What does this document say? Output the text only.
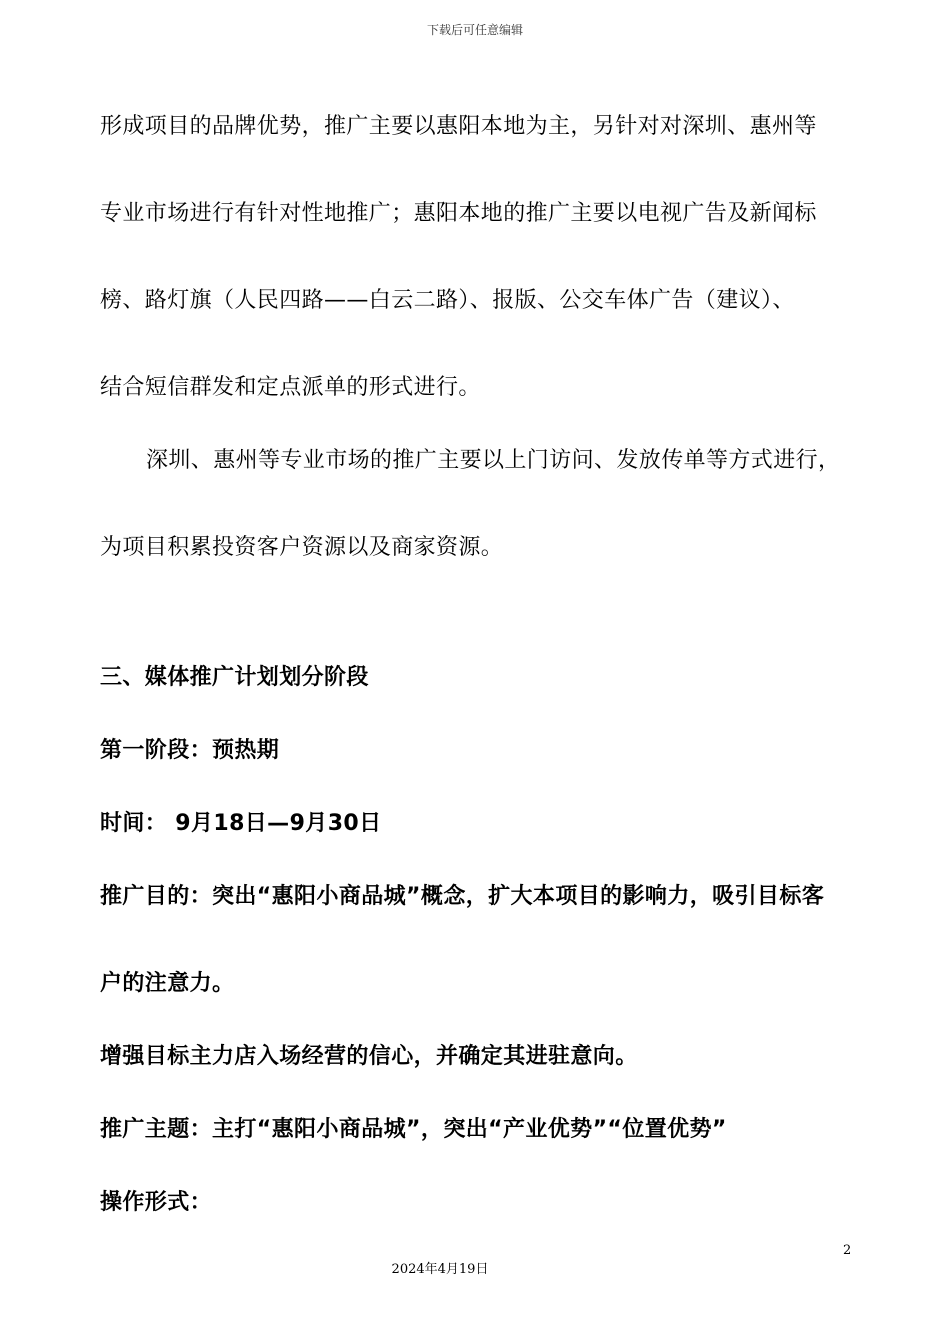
下载后可任意编辑
形成项目的品牌优势，推广主要以惠阳本地为主，另针对对深圳、惠州等
专业市场进行有针对性地推广；惠阳本地的推广主要以电视广告及新闻标
榜、路灯旗（人民四路——白云二路）、报版、公交车体广告（建议）、
结合短信群发和定点派单的形式进行。
深圳、惠州等专业市场的推广主要以上门访问、发放传单等方式进行，
为项目积累投资客户资源以及商家资源。
三、媒体推广计划划分阶段
第一阶段：预热期
时间： 9月18日—9月30日
推广目的：突出“惠阳小商品城”概念，扩大本项目的影响力，吸引目标客
户的注意力。
增强目标主力店入场经营的信心，并确定其进驻意向。
推广主题：主打“惠阳小商品城”，突出“产业优势”“位置优势”
操作形式：
2
2024年4月19日
